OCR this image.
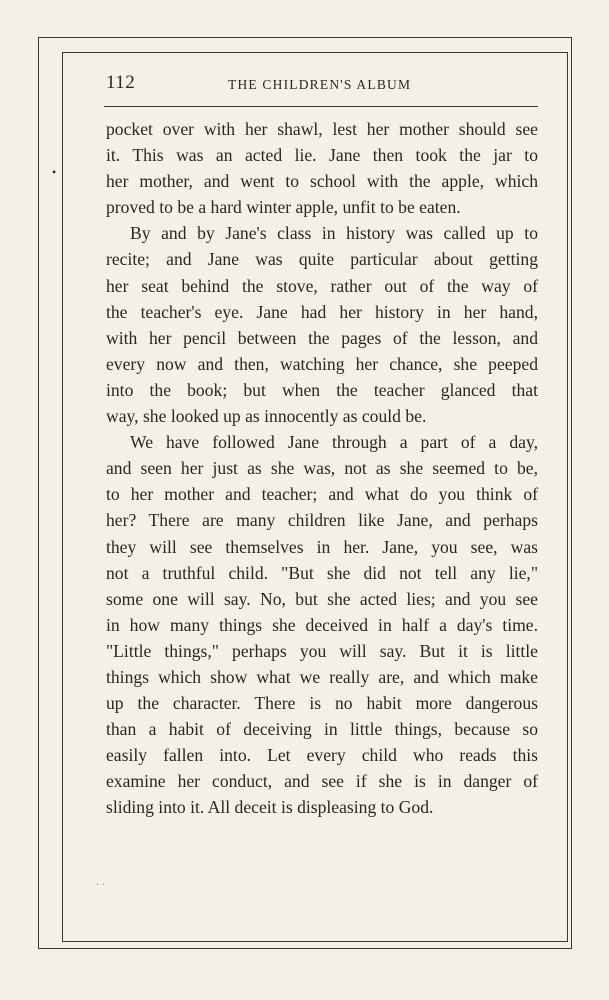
112	THE CHILDREN'S ALBUM
•
pocket over with her shawl, lest her mother should see
it. This was an acted lie. Jane then took the jar to
her mother, and went to school with the apple, which
proved to be a hard winter apple, unfit to be eaten.
By and by Jane's class in history was called up to
recite; and Jane was quite particular about getting
her seat behind the stove, rather out of the way of
the teacher's eye. Jane had her history in her hand,
with her pencil between the pages of the lesson, and
every now and then, watching her chance, she peeped
into the book; but when the teacher glanced that
way, she looked up as innocently as could be.
We have followed Jane through a part of a day,
and seen her just as she was, not as she seemed to be,
to her mother and teacher; and what do you think of
her? There are many children like Jane, and perhaps
they will see themselves in her. Jane, you see, was
not a truthful child. "But she did not tell any lie,"
some one will say. No, but she acted lies; and you see
in how many things she deceived in half a day's time.
"Little things," perhaps you will say. But it is little
things which show what we really are, and which make
up the character. There is no habit more dangerous
than a habit of deceiving in little things, because so
easily fallen into. Let every child who reads this
examine her conduct, and see if she is in danger of
sliding into it. All deceit is displeasing to God.
· ·
